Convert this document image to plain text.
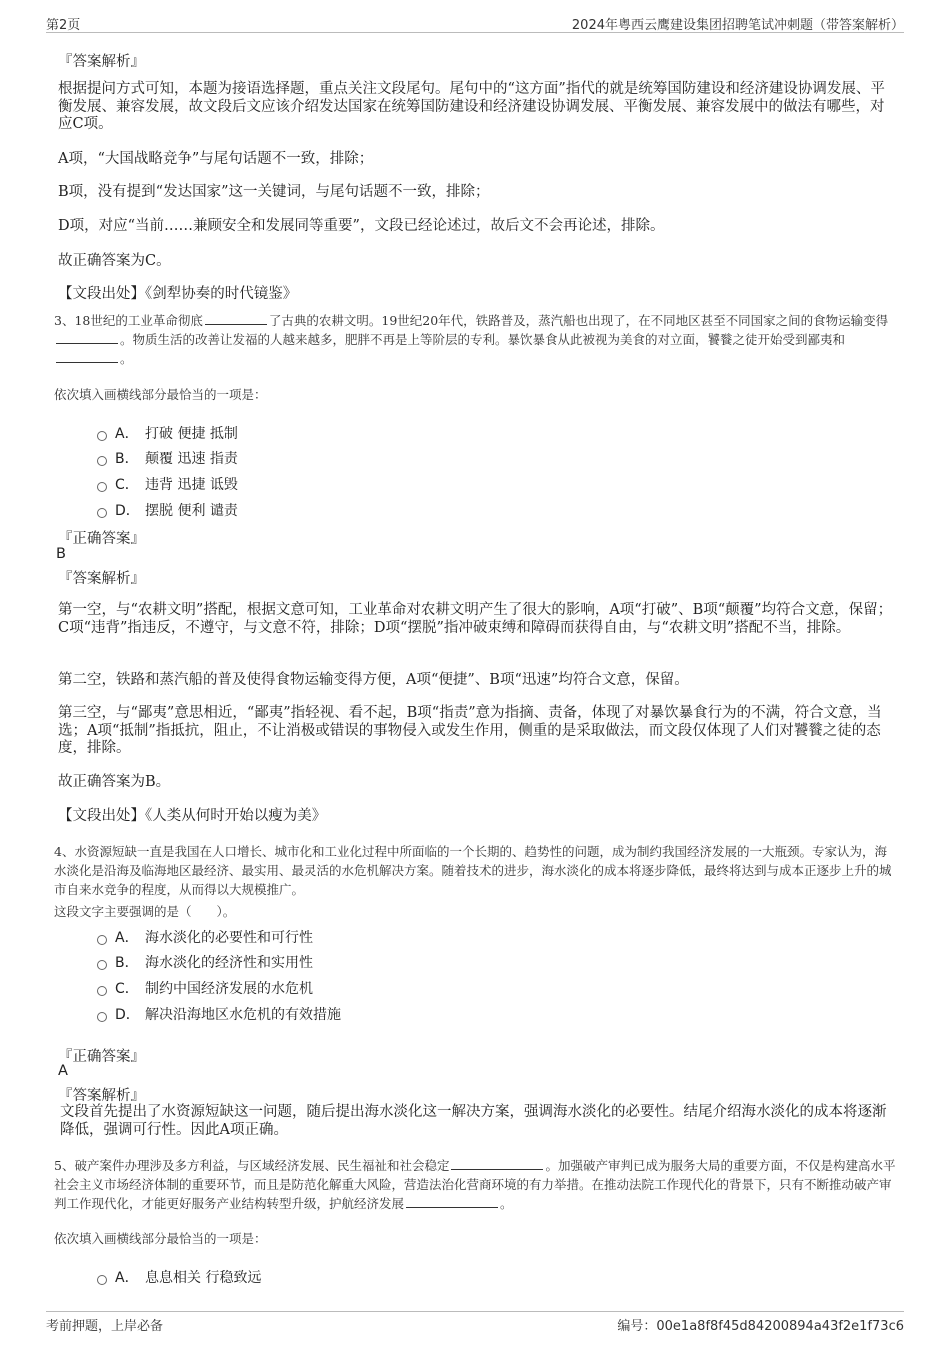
第2页	2024年粤西云鹰建设集团招聘笔试冲刺题（带答案解析）
『答案解析』
根据提问方式可知，本题为接语选择题，重点关注文段尾句。尾句中的“这方面”指代的就是统筹国防建设和经济建设协调发展、平衡发展、兼容发展，故文段后文应该介绍发达国家在统筹国防建设和经济建设协调发展、平衡发展、兼容发展中的做法有哪些，对应C项。
A项，“大国战略竞争”与尾句话题不一致，排除；
B项，没有提到“发达国家”这一关键词，与尾句话题不一致，排除；
D项，对应“当前……兼顾安全和发展同等重要”，文段已经论述过，故后文不会再论述，排除。
故正确答案为C。
【文段出处】《剑犁协奏的时代镜鉴》
3、18世纪的工业革命彻底	了古典的农耕文明。19世纪20年代，铁路普及，蒸汽船也出现了，在不同地区甚至不同国家之间的食物运输变得。物质生活的改善让发福的人越来越多，肥胖不再是上等阶层的专利。暴饮暴食从此被视为美食的对立面，饕餮之徒开始受到鄙夷和。
依次填入画横线部分最恰当的一项是：
A． 打破 便捷 抵制
B． 颠覆 迅速 指责
C． 违背 迅捷 诋毁
D． 摆脱 便利 谴责
『正确答案』
B
『答案解析』
第一空，与“农耕文明”搭配，根据文意可知，工业革命对农耕文明产生了很大的影响，A项“打破”、B项“颠覆”均符合文意，保留；C项“违背”指违反，不遵守，与文意不符，排除；D项“摆脱”指冲破束缚和障碍而获得自由，与“农耕文明”搭配不当，排除。
第二空，铁路和蒸汽船的普及使得食物运输变得方便，A项“便捷”、B项“迅速”均符合文意，保留。
第三空，与“鄙夷”意思相近，“鄙夷”指轻视、看不起，B项“指责”意为指摘、责备，体现了对暴饮暴食行为的不满，符合文意，当选；A项“抵制”指抵抗，阻止，不让消极或错误的事物侵入或发生作用，侧重的是采取做法，而文段仅体现了人们对饕餮之徒的态度，排除。
故正确答案为B。
【文段出处】《人类从何时开始以瘦为美》
4、水资源短缺一直是我国在人口增长、城市化和工业化过程中所面临的一个长期的、趋势性的问题，成为制约我国经济发展的一大瓶颈。专家认为，海水淡化是沿海及临海地区最经济、最实用、最灵活的水危机解决方案。随着技术的进步，海水淡化的成本将逐步降低，最终将达到与成本正逐步上升的城市自来水竞争的程度，从而得以大规模推广。
这段文字主要强调的是（　　）。
A． 海水淡化的必要性和可行性
B． 海水淡化的经济性和实用性
C． 制约中国经济发展的水危机
D． 解决沿海地区水危机的有效措施
『正确答案』
A
『答案解析』
文段首先提出了水资源短缺这一问题，随后提出海水淡化这一解决方案，强调海水淡化的必要性。结尾介绍海水淡化的成本将逐渐降低，强调可行性。因此A项正确。
5、破产案件办理涉及多方利益，与区域经济发展、民生福祉和社会稳定	。加强破产审判已成为服务大局的重要方面，不仅是构建高水平社会主义市场经济体制的重要环节，而且是防范化解重大风险，营造法治化营商环境的有力举措。在推动法院工作现代化的背景下，只有不断推动破产审判工作现代化，才能更好服务产业结构转型升级，护航经济发展	。
依次填入画横线部分最恰当的一项是：
A． 息息相关 行稳致远
考前押题，上岸必备	编号：00e1a8f8f45d84200894a43f2e1f73c6
